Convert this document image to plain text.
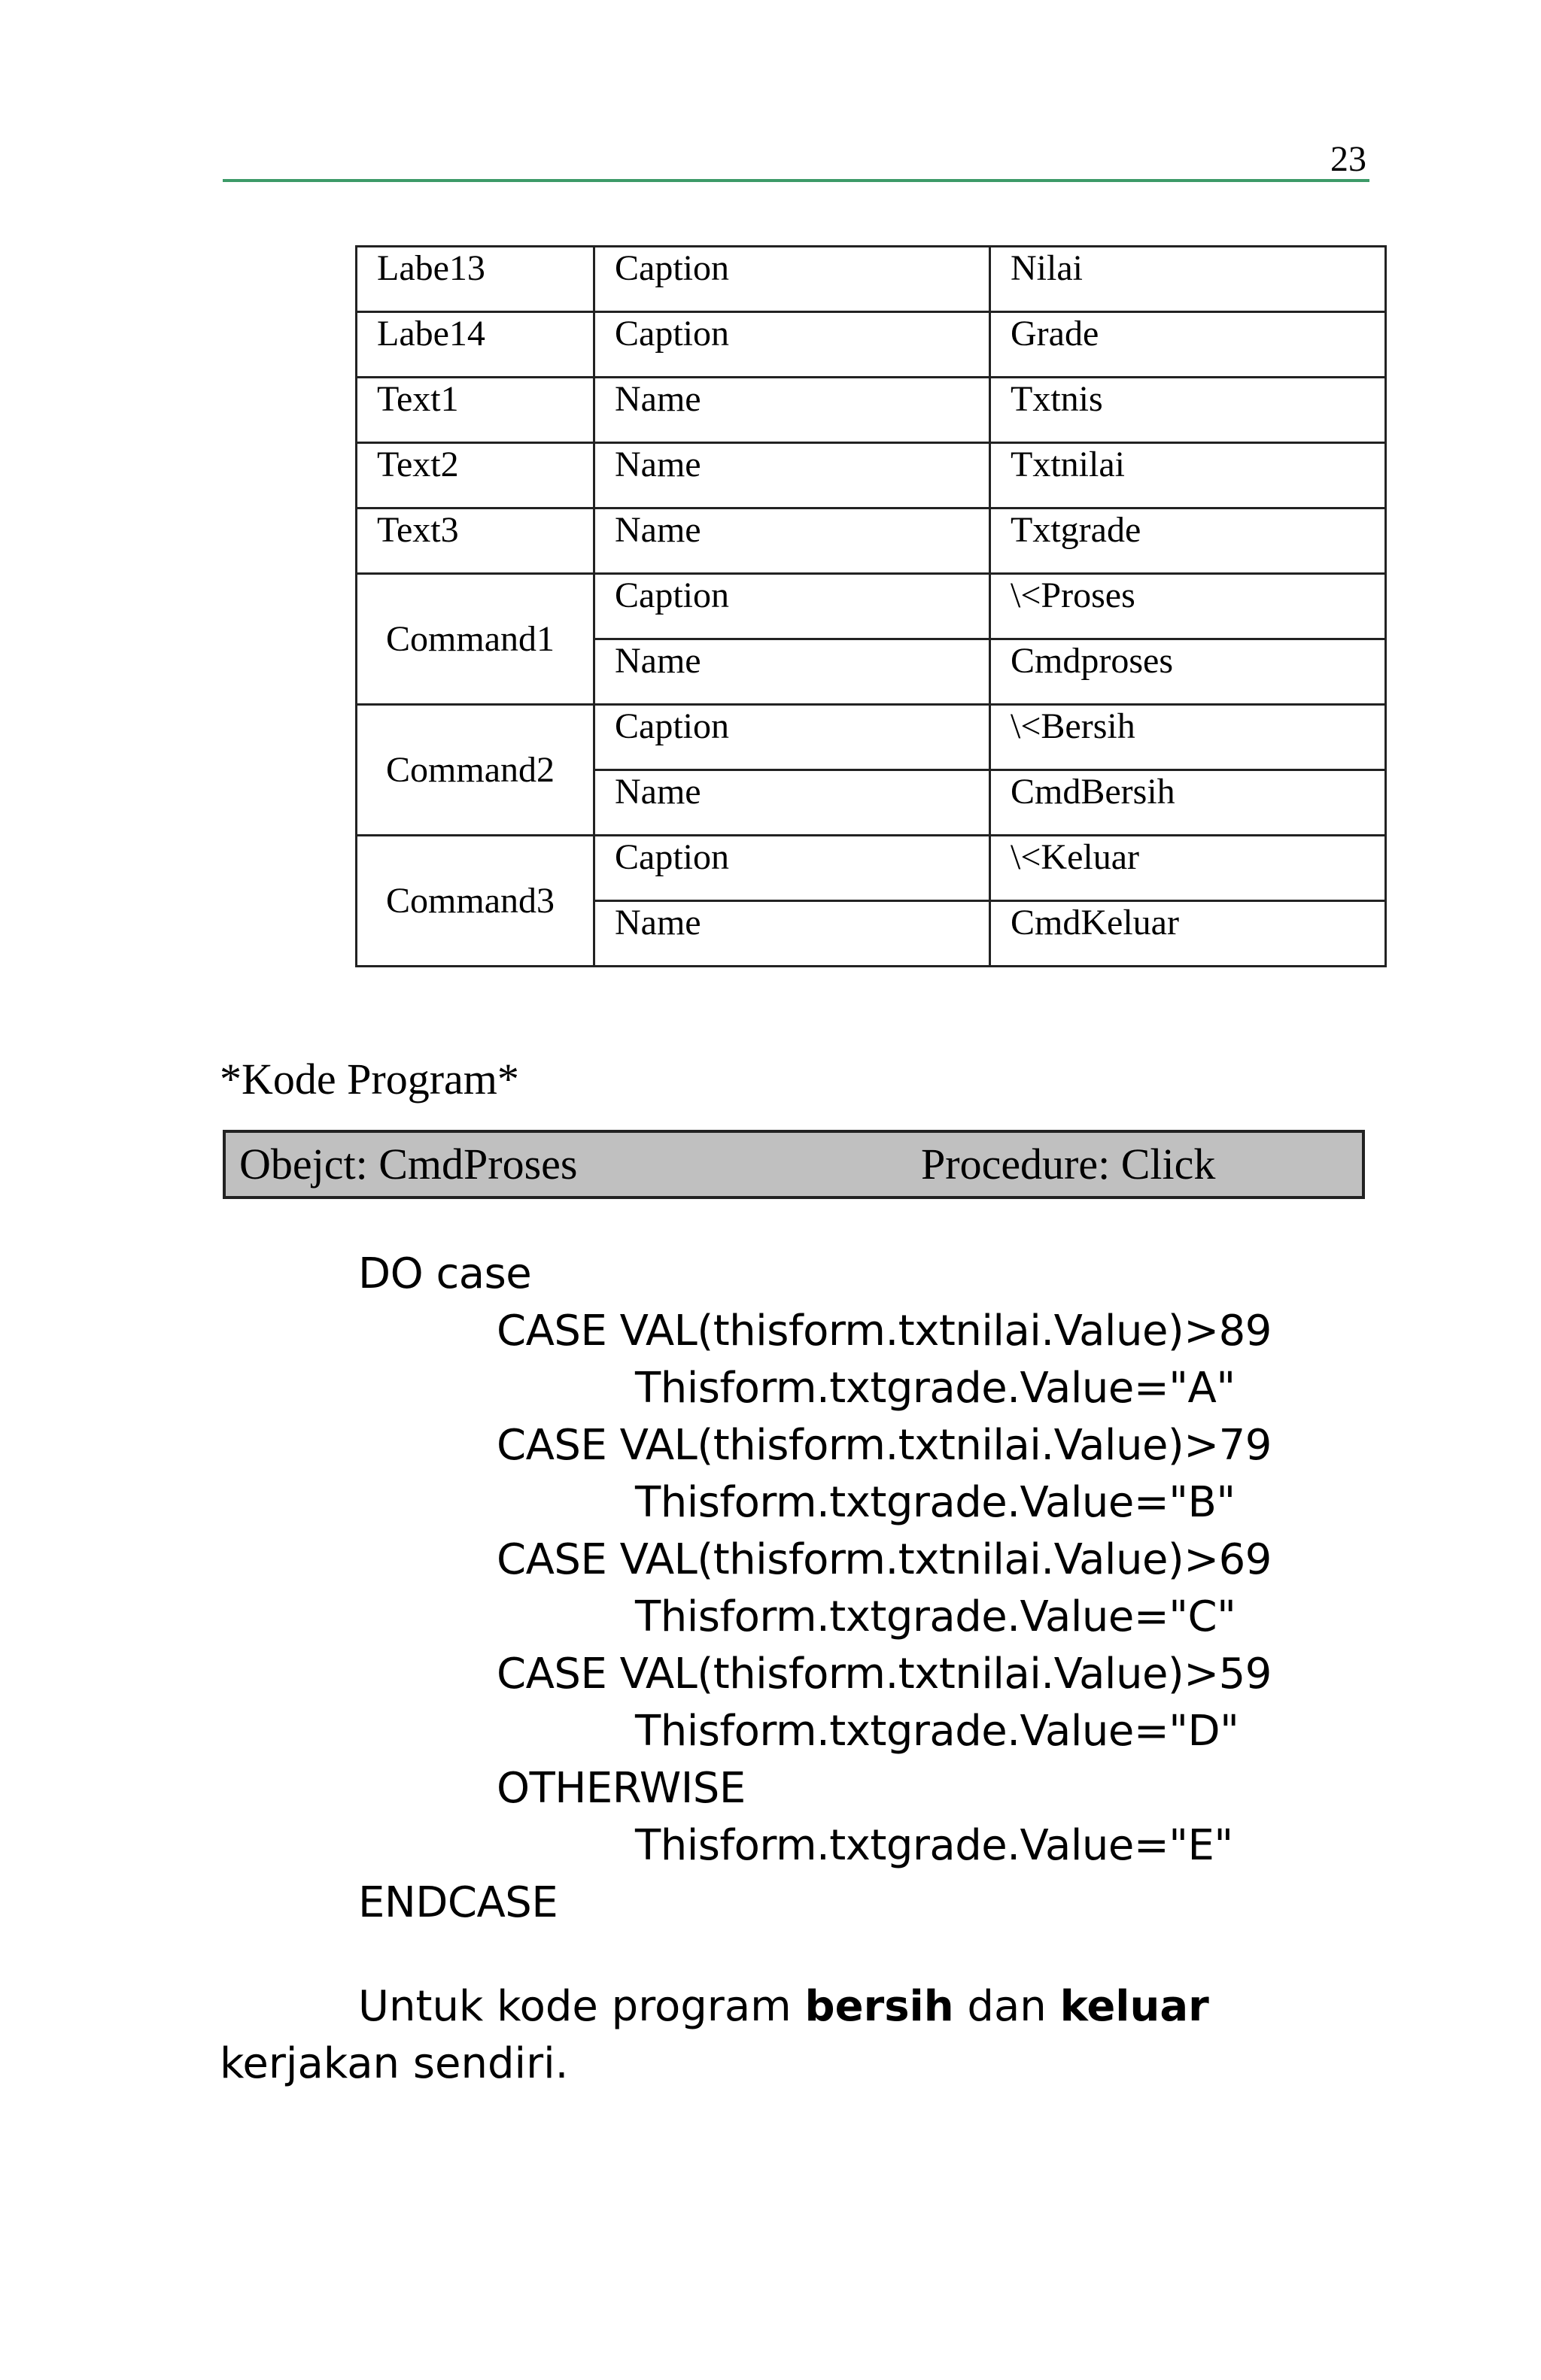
23
Labe13	Caption	Nilai
Labe14	Caption	Grade
Text1	Name	Txtnis
Text2	Name	Txtnilai
Text3	Name	Txtgrade
Command1	Caption	\<Proses
	Name	Cmdproses
Command2	Caption	\<Bersih
	Name	CmdBersih
Command3	Caption	\<Keluar
	Name	CmdKeluar
*Kode Program*
Obejct: CmdProses	Procedure: Click
DO case
CASE VAL(thisform.txtnilai.Value)>89
Thisform.txtgrade.Value="A"
CASE VAL(thisform.txtnilai.Value)>79
Thisform.txtgrade.Value="B"
CASE VAL(thisform.txtnilai.Value)>69
Thisform.txtgrade.Value="C"
CASE VAL(thisform.txtnilai.Value)>59
Thisform.txtgrade.Value="D"
OTHERWISE
Thisform.txtgrade.Value="E"
ENDCASE
Untuk kode program bersih dan keluar
kerjakan sendiri.
